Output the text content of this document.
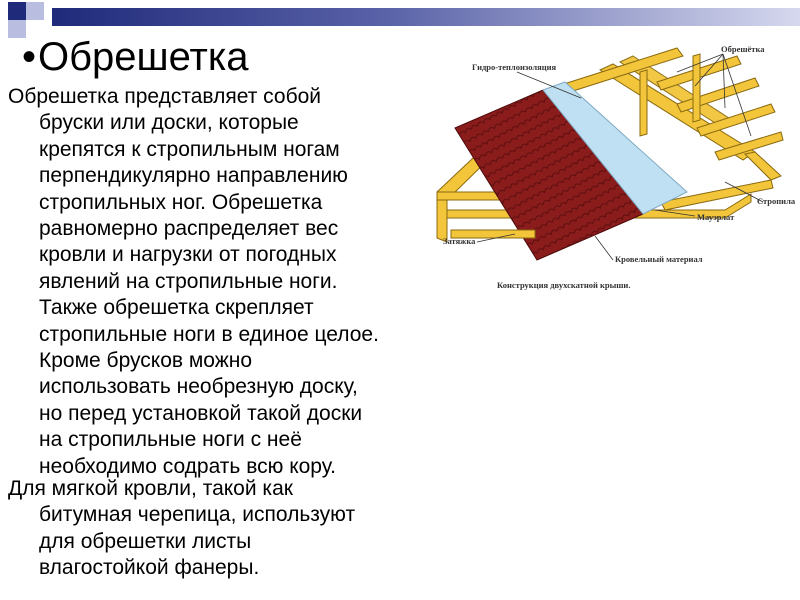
•Обрешетка
Обрешетка представляет собой
бруски или доски, которые
крепятся к стропильным ногам
перпендикулярно направлению
стропильных ног. Обрешетка
равномерно распределяет вес
кровли и нагрузки от погодных
явлений на стропильные ноги.
Также обрешетка скрепляет
стропильные ноги в единое целое.
Кроме брусков можно
использовать необрезную доску,
но перед установкой такой доски
на стропильные ноги с неё
необходимо содрать всю кору.
Для мягкой кровли, такой как
битумная черепица, используют
для обрешетки листы
влагостойкой фанеры.
Гидро-теплоизоляция
Обрешётка
Стропила
Мауэрлат
Затяжка
Кровельный материал
Конструкция двухскатной крыши.
